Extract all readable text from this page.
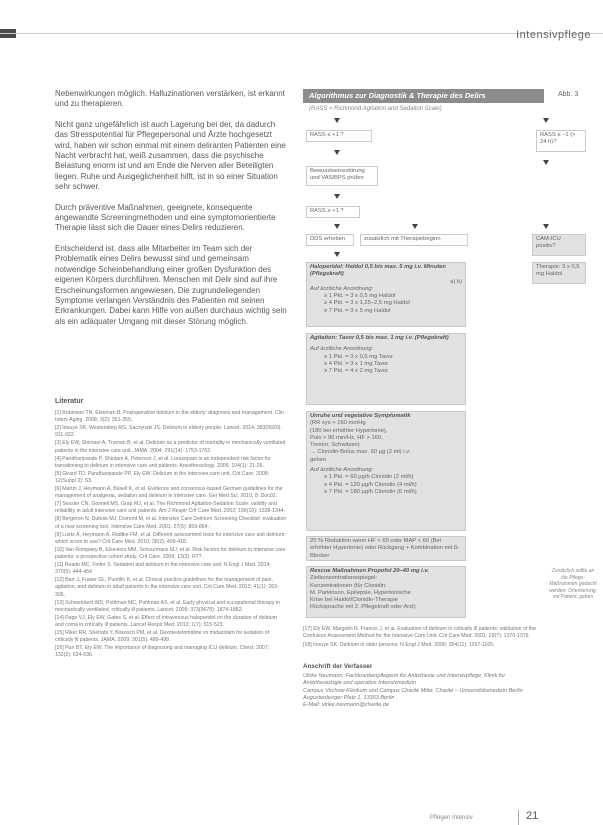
Intensivpflege

Nebenwirkungen möglich. Halluzinationen verstärken, ist erkannt und zu therapieren.

Nicht ganz ungefährlich ist auch Lagerung bei der, da dadurch das Stresspotential für Pflegepersonal und Ärzte hochgesetzt wird, haben wir schon einmal mit einem deliranten Patienten eine Nacht verbracht hat, weiß zusammen, dass die psychische Belastung enorm ist und am Ende die Nerven aller Beteiligten liegen. Ruhe und Ausgeglichenheit hilft, ist in so einer Situation sehr schwer.

Durch präventive Maßnahmen, geeignete, konsequente angewandte Screeningmethoden und eine symptomorientierte Therapie lässt sich die Dauer eines Delirs reduzieren.

Entscheidend ist, dass alle Mitarbeiter im Team sich der Problematik eines Delirs bewusst sind und gemeinsam notwendige Scheinbehandlung einer großen Dysfunktion des eigenen Körpers durchführen. Menschen mit Delir sind auf ihre Erscheinungsformen angewiesen. Die zugrundeliegenden Symptome verlangen Verständnis des Patienten mit seinen Erkrankungen. Dabei kann Hilfe von außen durchaus wichtig sein als ein adäquater Umgang mit dieser Störung möglich.

Literatur
[1] Robinson TN, Eiseman B. Postoperative delirium in the elderly: diagnosis and management. Clin Interv Aging. 2008; 3(2): 351-355.
[2] Inouye SK, Westendorp RG, Saczynski JS. Delirium in elderly people. Lancet. 2014; 383(9920): 911-922.
[3] Ely EW, Shintani A, Truman B, et al. Delirium as a predictor of mortality in mechanically ventilated patients in the intensive care unit. JAMA. 2004; 291(14): 1753-1762.
[4] Pandharipande P, Shintani A, Peterson J, et al. Lorazepam is an independent risk factor for transitioning to delirium in intensive care unit patients. Anesthesiology. 2006; 104(1): 21-26.
[5] Girard TD, Pandharipande PP, Ely EW. Delirium in the intensive care unit. Crit Care. 2008; 12(Suppl 3): S3.
[6] Martin J, Heymann A, Bäsell K, et al. Evidence and consensus-based German guidelines for the management of analgesia, sedation and delirium in intensive care. Ger Med Sci. 2010; 8: Doc02.
[7] Sessler CN, Gosnell MS, Grap MJ, et al. The Richmond Agitation-Sedation Scale: validity and reliability in adult intensive care unit patients. Am J Respir Crit Care Med. 2002; 166(10): 1338-1344.
[8] Bergeron N, Dubois MJ, Dumont M, et al. Intensive Care Delirium Screening Checklist: evaluation of a new screening tool. Intensive Care Med. 2001; 27(5): 859-864.
[9] Luetz A, Heymann A, Radtke FM, et al. Different assessment tools for intensive care unit delirium: which score to use? Crit Care Med. 2010; 38(2): 409-418.
[10] Van Rompaey B, Elseviers MM, Schuurmans MJ, et al. Risk factors for delirium in intensive care patients: a prospective cohort study. Crit Care. 2009; 13(3): R77.
[11] Reade MC, Finfer S. Sedation and delirium in the intensive care unit. N Engl J Med. 2014; 370(5): 444-454.
[12] Barr J, Fraser GL, Puntillo K, et al. Clinical practice guidelines for the management of pain, agitation, and delirium in adult patients in the intensive care unit. Crit Care Med. 2013; 41(1): 263-306.
[13] Schweickert WD, Pohlman MC, Pohlman AS, et al. Early physical and occupational therapy in mechanically ventilated, critically ill patients. Lancet. 2009; 373(9678): 1874-1882.
[14] Page VJ, Ely EW, Gates S, et al. Effect of intravenous haloperidol on the duration of delirium and coma in critically ill patients. Lancet Respir Med. 2013; 1(7): 515-523.
[15] Riker RR, Shehabi Y, Bokesch PM, et al. Dexmedetomidine vs midazolam for sedation of critically ill patients. JAMA. 2009; 301(5): 489-499.
[16] Pun BT, Ely EW. The importance of diagnosing and managing ICU delirium. Chest. 2007; 132(2): 624-636.
Algorithmus zur Diagnostik & Therapie des Delirs	Abb. 3
(RASS = Richmond Agitation and Sedation Scale)
RASS ≤ +1 ?	RASS ≤ –1 (> 24 h)?
Bewusstseinsstörung und VAS/BPS prüfen
RASS ≥ +1 ?
DDS erheben	zusätzlich mit Therapiebeginn	CAM-ICU positiv?
Haloperidol: Haldol 0,5 bis max. 5 mg i.v. Minuten (Pflegekraft)
a) b)
Auf ärztliche Anordnung:
≥ 1 Pkt. = 3 x 0,5 mg Haldol
≥ 4 Pkt. = 3 x 1,25–2,5 mg Haldol
≥ 7 Pkt. = 3 x 5 mg Haldol
Therapie: 3 x 0,5 mg Haldol
Agitation: Tavor 0,5 bis max. 1 mg i.v. (Pflegekraft)
Auf ärztliche Anordnung:
≥ 1 Pkt. = 3 x 0,5 mg Tavor
≥ 4 Pkt. = 3 x 1 mg Tavor
≥ 7 Pkt. = 4 x 2 mg Tavor
Unruhe und vegetative Symptomatik
(RR sys > 160 mmHg
(180 bei erhöhter Hypertonie),
Puls > 90 min/Hz, HF > 160,
Tremor, Schwitzen)
→ Clonidin-Bolus max. 60 μg (2 ml) i.v.
geben
Auf ärztliche Anordnung:
≥ 1 Pkt. = 60 μg/h Clonidin (2 ml/h)
≥ 4 Pkt. = 120 μg/h Clonidin (4 ml/h)
≥ 7 Pkt. = 180 μg/h Clonidin (6 ml/h)
20 % Reduktion wenn HF < 60 oder MAP < 60 (Bei erhöhter Hypertonie) oder Rückgang + Kombination mit ß-Blocker
Rescue Maßnahmen Propofol 20–40 mg i.v.
Zielkonzentrationsspiegel:
Konzentrationen (für Clonidin:
M. Parkinson, Epilepsie, Hypertonische
Krise bei Haldol/Clonidin-Therapie
Rücksprache mit 2. Pflegekraft oder Arzt)
Zusätzlich sollte an die Pflege-Maßnahmen gedacht werden: Orientierung, mit Patient, geben
[17] Ely EW, Margolin R, Francis J, et al. Evaluation of delirium in critically ill patients: validation of the Confusion Assessment Method for the Intensive Care Unit. Crit Care Med. 2001; 29(7): 1370-1379.
[18] Inouye SK. Delirium in older persons. N Engl J Med. 2006; 354(11): 1157-1165.
Anschrift der Verfasser
Ulrike Neumann, Fachkrankenpflegerin für Anästhesie und Intensivpflege, Klinik für Anästhesiologie und operative Intensivmedizin
Campus Virchow-Klinikum und Campus Charité Mitte, Charité – Universitätsmedizin Berlin
Augustenburger Platz 1, 13353 Berlin
E-Mail: ulrike.neumann@charite.de
Pflegen Intensiv	21
